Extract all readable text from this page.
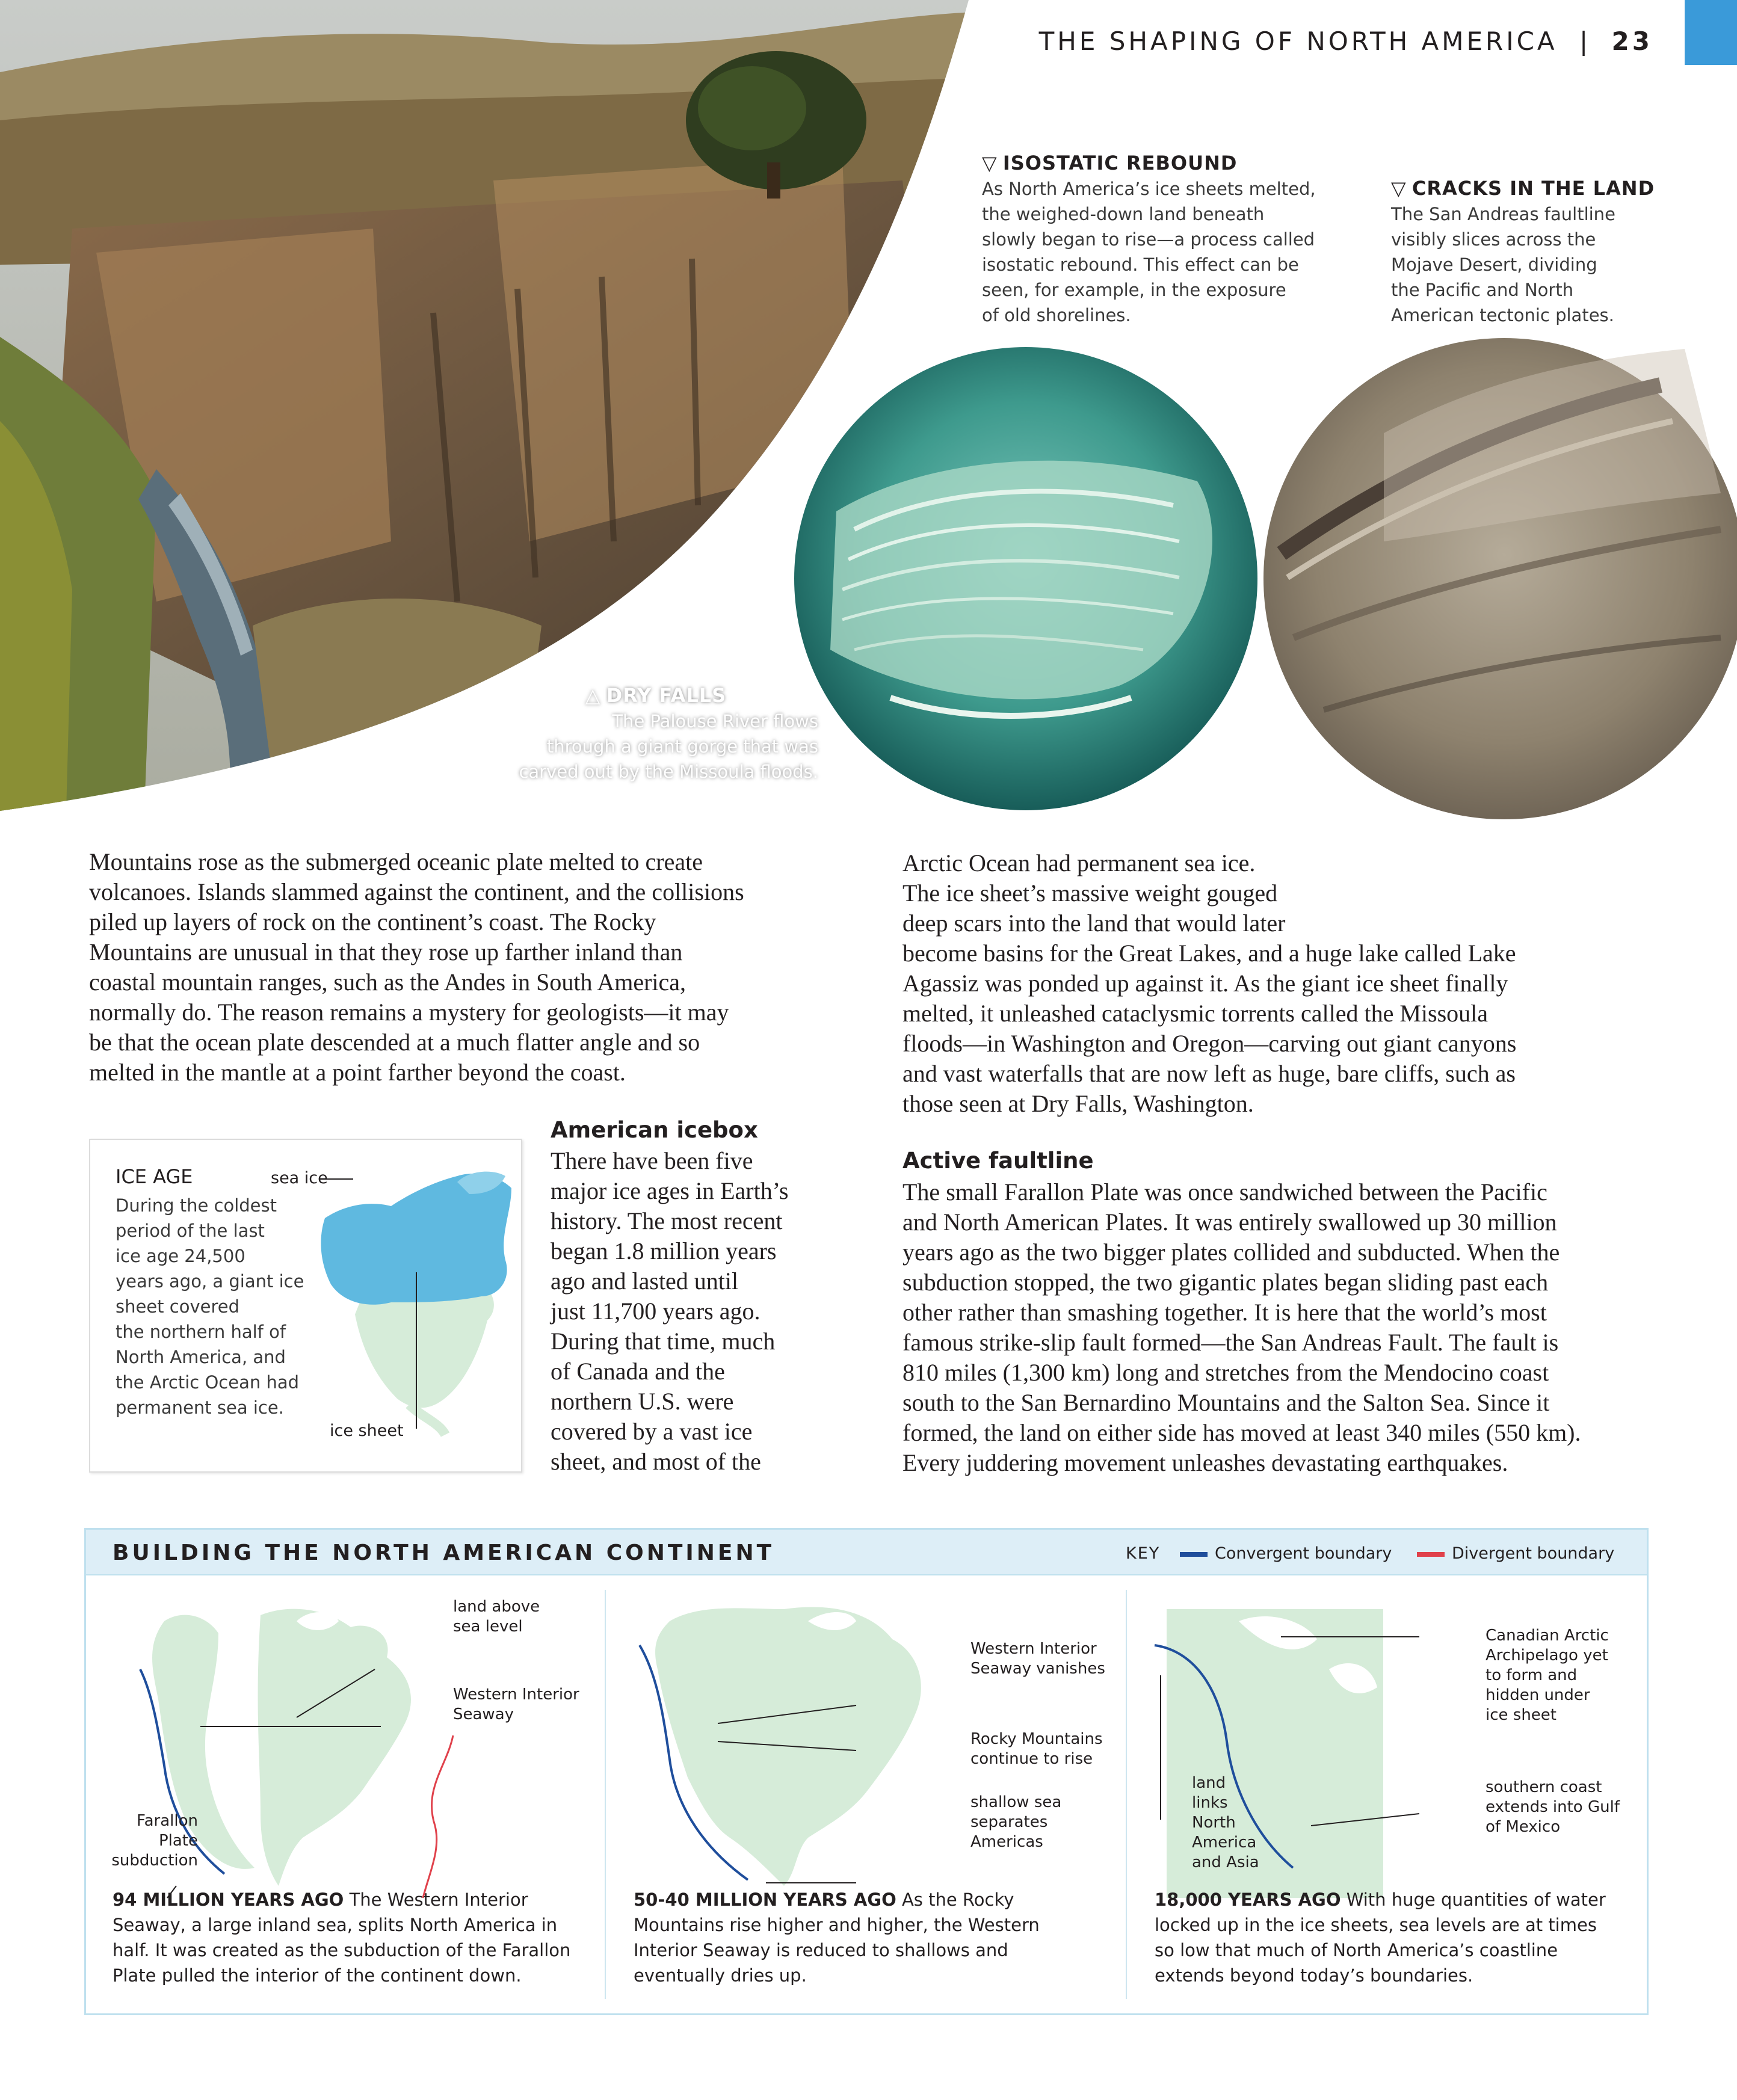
THE SHAPING OF NORTH AMERICA | 23
▽ ISOSTATIC REBOUND
As North America’s ice sheets melted,
the weighed-down land beneath
slowly began to rise—a process called
isostatic rebound. This effect can be
seen, for example, in the exposure
of old shorelines.
▽ CRACKS IN THE LAND
The San Andreas faultline
visibly slices across the
Mojave Desert, dividing
the Pacific and North
American tectonic plates.
△ DRY FALLS
The Palouse River flows
through a giant gorge that was
carved out by the Missoula floods.
Mountains rose as the submerged oceanic plate melted to create
volcanoes. Islands slammed against the continent, and the collisions
piled up layers of rock on the continent’s coast. The Rocky
Mountains are unusual in that they rose up farther inland than
coastal mountain ranges, such as the Andes in South America,
normally do. The reason remains a mystery for geologists—it may
be that the ocean plate descended at a much flatter angle and so
melted in the mantle at a point farther beyond the coast.
ICE AGE
During the coldest
period of the last
ice age 24,500
years ago, a giant ice
sheet covered
the northern half of
North America, and
the Arctic Ocean had
permanent sea ice.
sea ice
ice sheet
American icebox
There have been five
major ice ages in Earth’s
history. The most recent
began 1.8 million years
ago and lasted until
just 11,700 years ago.
During that time, much
of Canada and the
northern U.S. were
covered by a vast ice
sheet, and most of the
Arctic Ocean had permanent sea ice.
The ice sheet’s massive weight gouged
deep scars into the land that would later
become basins for the Great Lakes, and a huge lake called Lake
Agassiz was ponded up against it. As the giant ice sheet finally
melted, it unleashed cataclysmic torrents called the Missoula
floods—in Washington and Oregon—carving out giant canyons
and vast waterfalls that are now left as huge, bare cliffs, such as
those seen at Dry Falls, Washington.
Active faultline
The small Farallon Plate was once sandwiched between the Pacific
and North American Plates. It was entirely swallowed up 30 million
years ago as the two bigger plates collided and subducted. When the
subduction stopped, the two gigantic plates began sliding past each
other rather than smashing together. It is here that the world’s most
famous strike-slip fault formed—the San Andreas Fault. The fault is
810 miles (1,300 km) long and stretches from the Mendocino coast
south to the San Bernardino Mountains and the Salton Sea. Since it
formed, the land on either side has moved at least 340 miles (550 km).
Every juddering movement unleashes devastating earthquakes.
BUILDING THE NORTH AMERICAN CONTINENT	KEY	Convergent boundary	Divergent boundary
land above
sea level
Western Interior
Seaway
Farallon
Plate
subduction
94 MILLION YEARS AGO The Western Interior
Seaway, a large inland sea, splits North America in
half. It was created as the subduction of the Farallon
Plate pulled the interior of the continent down.
Western Interior
Seaway vanishes
Rocky Mountains
continue to rise
shallow sea
separates
Americas
50-40 MILLION YEARS AGO As the Rocky
Mountains rise higher and higher, the Western
Interior Seaway is reduced to shallows and
eventually dries up.
Canadian Arctic
Archipelago yet
to form and
hidden under
ice sheet
southern coast
extends into Gulf
of Mexico
land
links
North
America
and Asia
18,000 YEARS AGO With huge quantities of water
locked up in the ice sheets, sea levels are at times
so low that much of North America’s coastline
extends beyond today’s boundaries.
